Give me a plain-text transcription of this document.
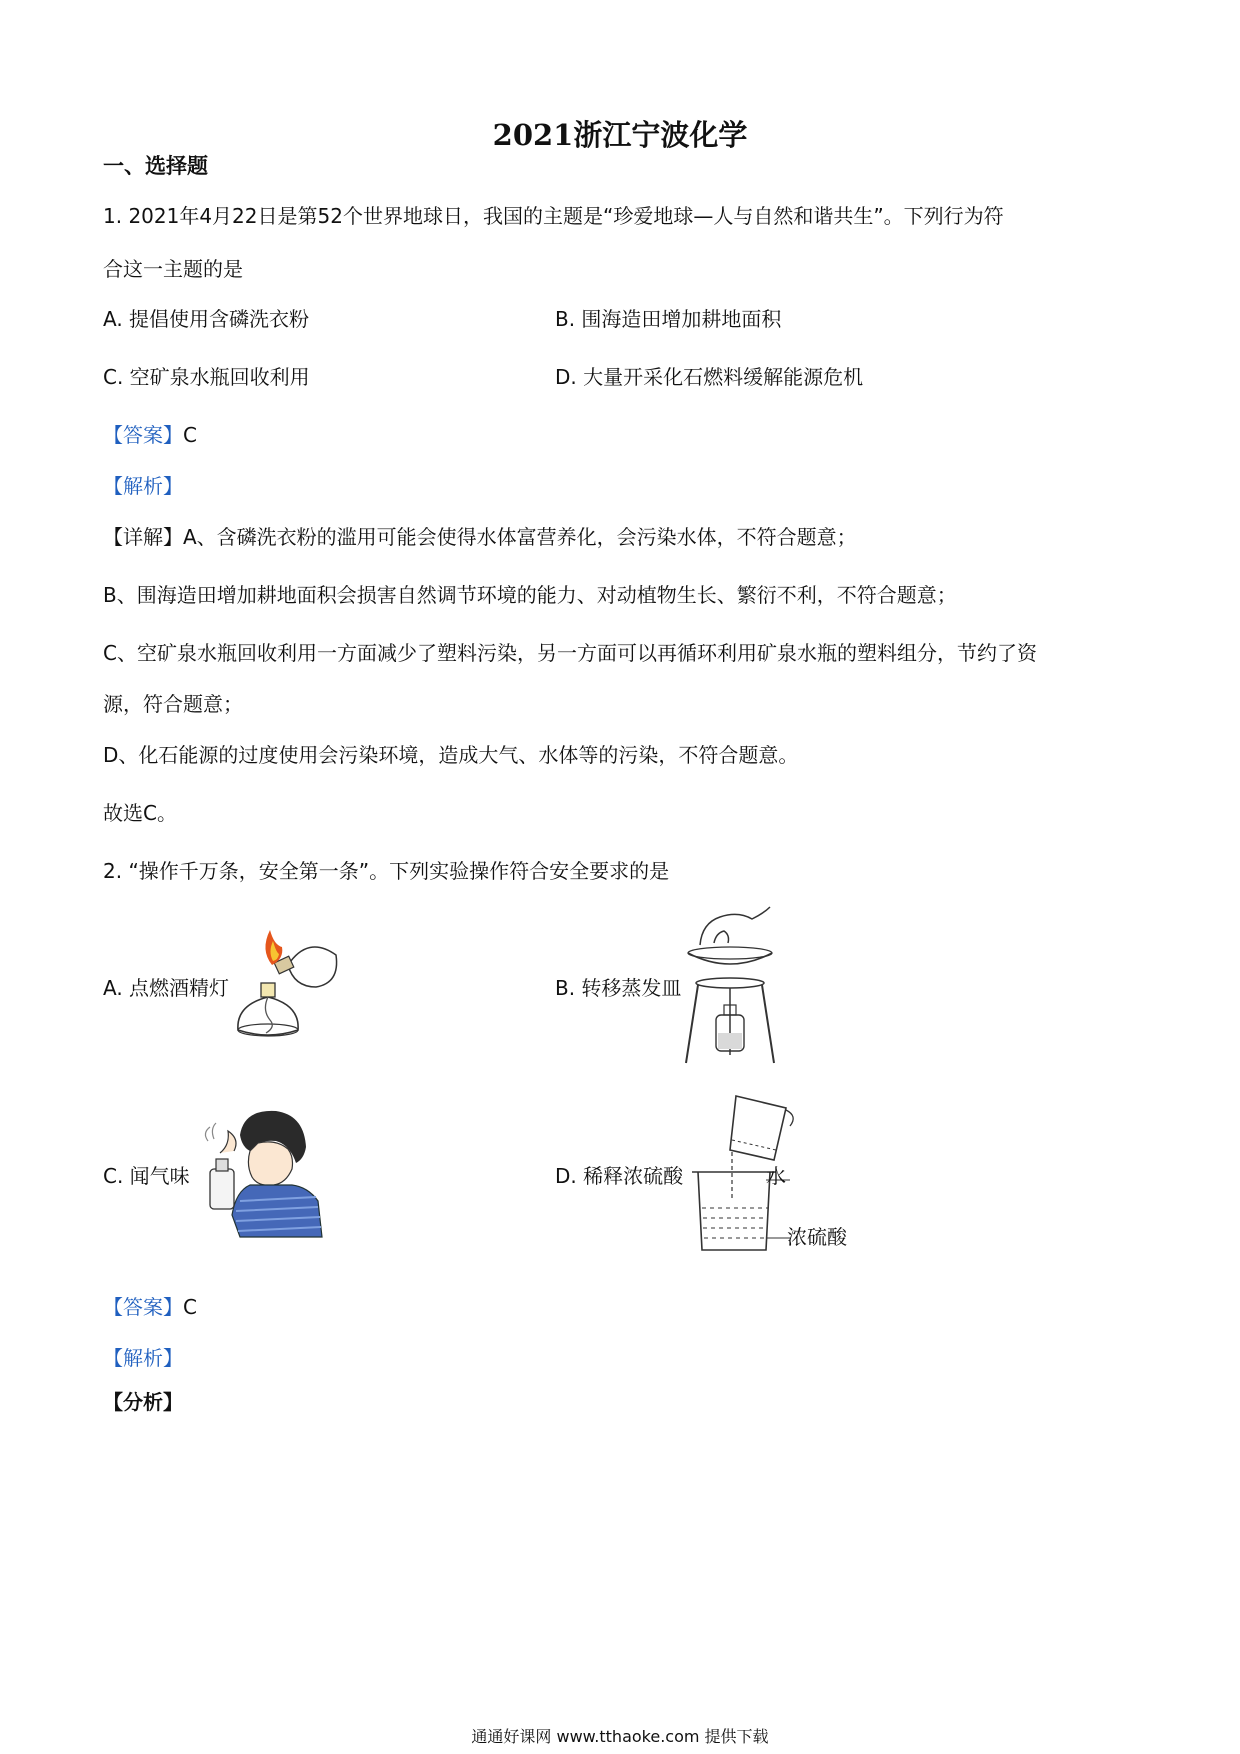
2021浙江宁波化学
一、选择题
1. 2021年4月22日是第52个世界地球日，我国的主题是“珍爱地球—人与自然和谐共生”。下列行为符
合这一主题的是
A. 提倡使用含磷洗衣粉	B. 围海造田增加耕地面积
C. 空矿泉水瓶回收利用	D. 大量开采化石燃料缓解能源危机
【答案】C
【解析】
【详解】A、含磷洗衣粉的滥用可能会使得水体富营养化，会污染水体，不符合题意；
B、围海造田增加耕地面积会损害自然调节环境的能力、对动植物生长、繁衍不利，不符合题意；
C、空矿泉水瓶回收利用一方面减少了塑料污染，另一方面可以再循环利用矿泉水瓶的塑料组分，节约了资
源，符合题意；
D、化石能源的过度使用会污染环境，造成大气、水体等的污染，不符合题意。
故选C。
2. “操作千万条，安全第一条”。下列实验操作符合安全要求的是
A. 点燃酒精灯	B. 转移蒸发皿
C. 闻气味	D. 稀释浓硫酸	水
浓硫酸
【答案】C
【解析】
【分析】
通通好课网 www.tthaoke.com 提供下载
